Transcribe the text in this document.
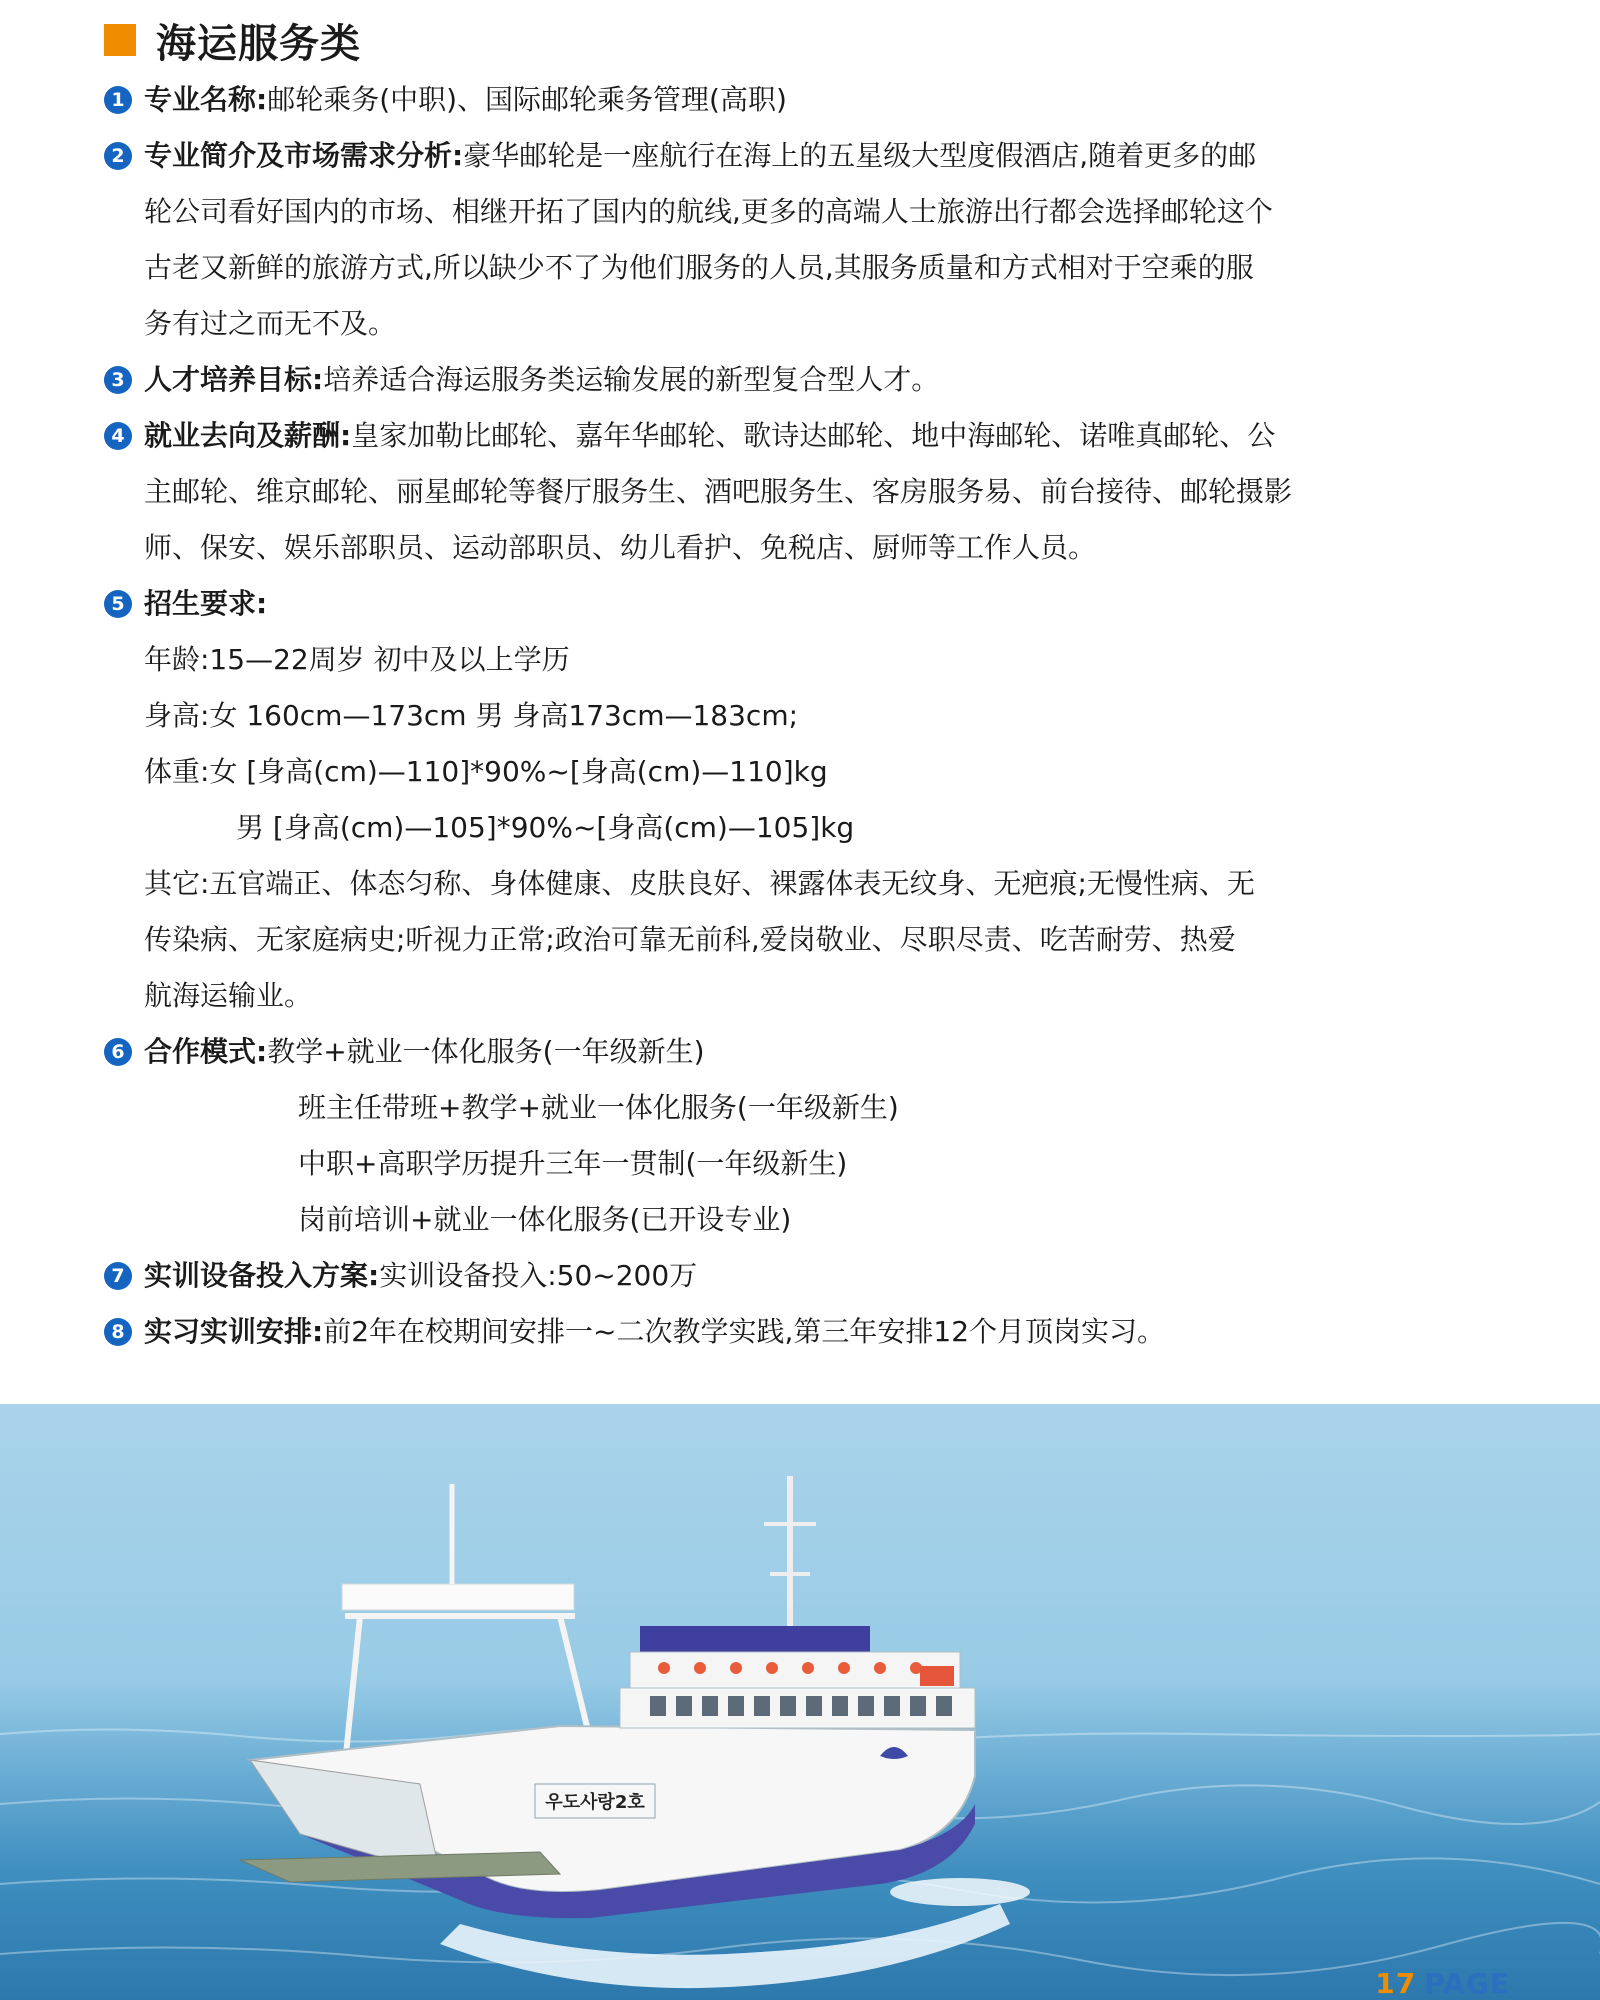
海运服务类
1 专业名称:邮轮乘务(中职)、国际邮轮乘务管理(高职)
2 专业简介及市场需求分析:豪华邮轮是一座航行在海上的五星级大型度假酒店,随着更多的邮
轮公司看好国内的市场、相继开拓了国内的航线,更多的高端人士旅游出行都会选择邮轮这个
古老又新鲜的旅游方式,所以缺少不了为他们服务的人员,其服务质量和方式相对于空乘的服
务有过之而无不及。
3 人才培养目标:培养适合海运服务类运输发展的新型复合型人才。
4 就业去向及薪酬:皇家加勒比邮轮、嘉年华邮轮、歌诗达邮轮、地中海邮轮、诺唯真邮轮、公
主邮轮、维京邮轮、丽星邮轮等餐厅服务生、酒吧服务生、客房服务易、前台接待、邮轮摄影
师、保安、娱乐部职员、运动部职员、幼儿看护、免税店、厨师等工作人员。
5 招生要求:
年龄:15—22周岁 初中及以上学历
身高:女 160cm—173cm 男 身高173cm—183cm;
体重:女 [身高(cm)—110]*90%~[身高(cm)—110]kg
男 [身高(cm)—105]*90%~[身高(cm)—105]kg
其它:五官端正、体态匀称、身体健康、皮肤良好、裸露体表无纹身、无疤痕;无慢性病、无
传染病、无家庭病史;听视力正常;政治可靠无前科,爱岗敬业、尽职尽责、吃苦耐劳、热爱
航海运输业。
6 合作模式:教学+就业一体化服务(一年级新生)
班主任带班+教学+就业一体化服务(一年级新生)
中职+高职学历提升三年一贯制(一年级新生)
岗前培训+就业一体化服务(已开设专业)
7 实训设备投入方案:实训设备投入:50~200万
8 实习实训安排:前2年在校期间安排一~二次教学实践,第三年安排12个月顶岗实习。
우도사랑2호
17 PAGE
